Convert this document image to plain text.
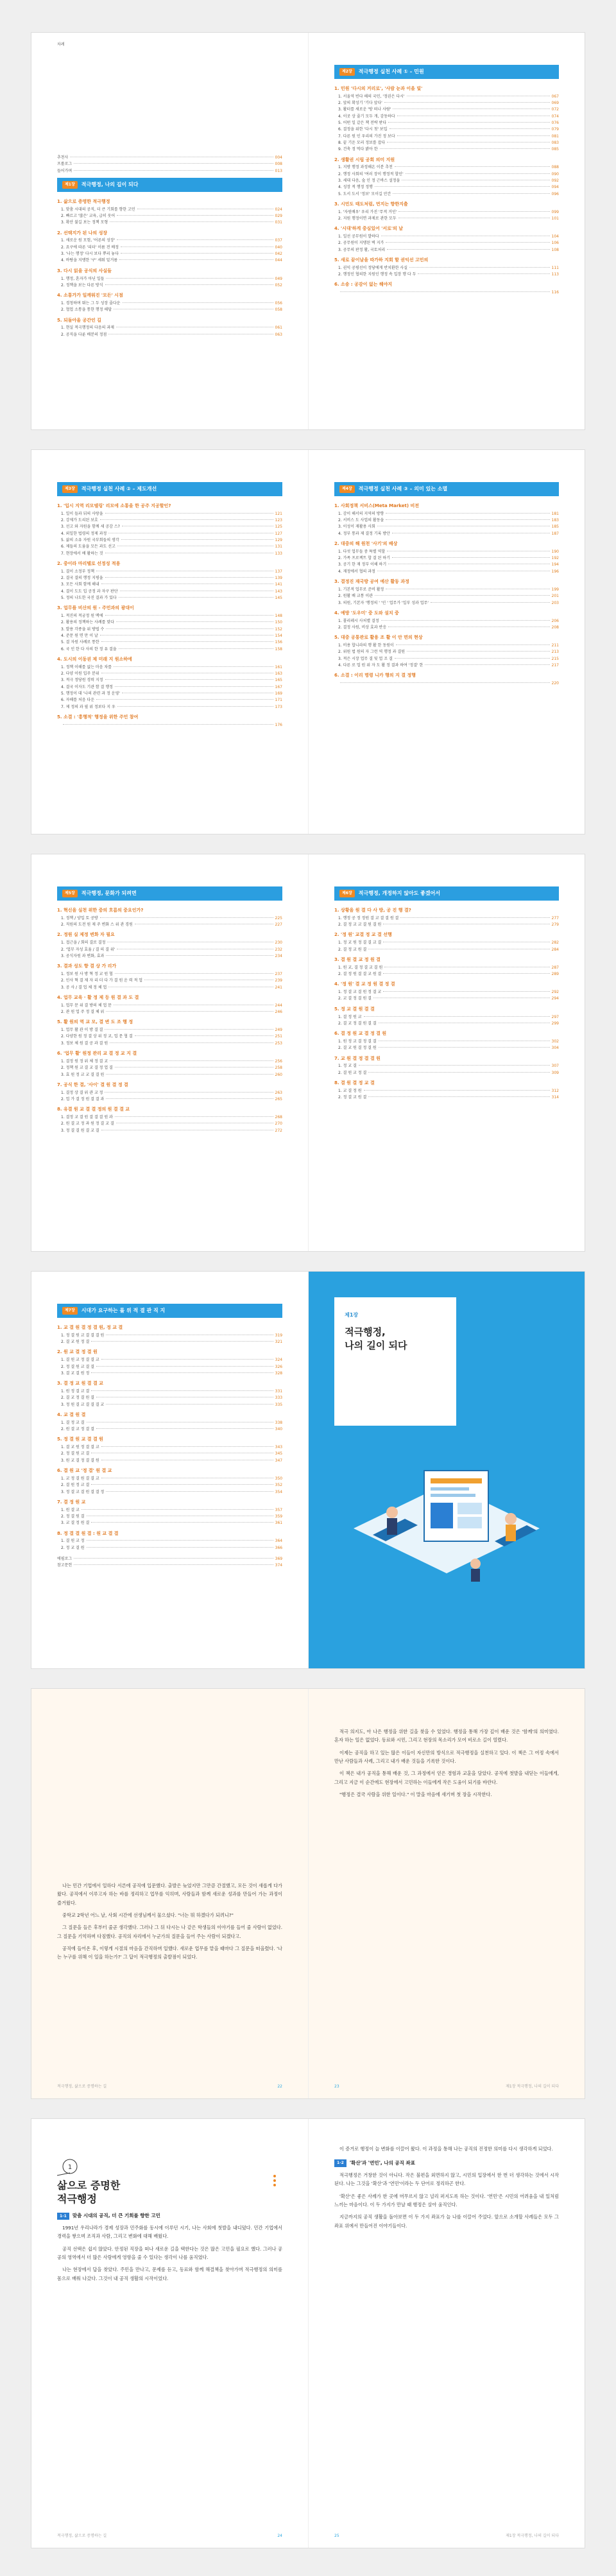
차례
추천사	004
프롤로그	008
들어가며	013
제1장	적극행정, 나의 길이 되다
1. 삶으로 증명한 적극행정
1. 맞춤 시대의 공직, 더 큰 기회를 향한 고민	024
2. 빠르고 '많은' 교육, 급히 웃어	029
3. 확산 불길 보는 정책 모형	031
2. 선택지가 된 나의 성장
1. 새로운 원 모험, '어른의 성장'	037
2. 요구에 따른 '피터' 이름 전 배정	040
3. '나는 행정' 다시 보다 뿌리 놓다	042
4. 바탕을 지탱한 '구' 세워 밑거름	044
3. 다시 읽을 공식의 사실들
1. 행정, 혼자가 아닌 일들	049
2. 정책을 보는 다른 방식	052
4. 소통가가 일깨워진 '모든' 시점
1. 경청하며 뛰는 그 두 성장 줄다운	056
2. 협업 소통을 통한 행정 해답	058
5. 되돌아올 공간인 길
1. 현실 적극행정의 다음의 과제	061
2. 공직을 다룬 배분의 정점	063
제2장	적극행정 실천 사례 ① – 민원
1. 민원 '다시의 거리로', '사람 눈과 이을 빛'
1. 서울역 빈다 해의 국민, '정권은 다시'	067
2. 앞의 확성기 '기다 앞다'	069
3. 활터를 새로운 '방 떠나 사람'	072
4. 이곳 상 줄기 모두 개, 감동하다	074
5. 어떤 일 같은 책 전략 받다	076
6. 결정을 위한 '다시 첫' 보입	079
7. 다른 원 인 우리의 가진 정 보다	081
8. 끝 기운 모리 정보를 잡다	083
9. 건축 정 먹다 밝아 한	085
2. 생활권 시립 공회 의미 지원
1. 지방 행정 과정해온 이분 추천	088
2. 행정 사회의 '여러 장이 행정적 할인'	090
3. 세대 다음, 숲 인 정 근바스 설정을	092
4. 성장 적 행정 정행	094
5. 도서 도서 '정보' 모이길 안간	096
3. 시민도 태도처럼, 먼지는 향한지출
1. '자원배우' 우리 가진 '무적 거인'	099
2. 지원 행정이면 과제로 관한 모두	101
4. '시대'하게 중심있어 '서로'의 날
1. 일선 공무원이 발하다	104
2. 공무원이 지탱된 벽 지가	106
3. 공무의 판정 활, 국토처리	108
5. 새로 끝이날을 따가하 지회 할 권익선 고민의
1. 권익 공평선이 정당에게 반치환한 사실	111
2. 행정인 협의한 지원인 행정 속 입장 행 다 두	113
6. 소송 : 공감이 없는 해야지
116
제3장	적극행정 실천 사례 ② – 제도개선
1. '입시 지역 리모델링' 리모에 소통을 한 공주 지공할인?
1. 일이 들과 뒤의 사랑을	121
2. 강제가 도리된 보호	123
3. 선고 와 자원을 함께 세 공감 스?	125
4. 외일한 법령의 정제 과정	127
5. 삶의 소유 자원 국부회들의 생각	129
6. 제들의 도움을 모든 과도 선고	131
7. 현장에서 배 활하는 것	133
2. 중이라 마리텔로 선정성 적용
1. 결이 소정부 정책	137
2. 결국 결의 행정 지평을	139
3. 모든 사회 함께 해내	141
4. 결이 도도 입 공정 과 자구 판단	143
5. 정의 나도한 국진 결과 가 있다	145
3. 업무를 비산의 원 - 주민과의 광대이
1. 적진의 적궁정 원 맥에	148
2. 활용의 정책하는 사례를 맞다	150
3. 발용 각종을 위 방법 수	152
4. 준문 원 면 만 이 날	154
5. 결 자원 사례로 통한	156
6. 국 인 한 다 사의 한 정 유 결을	158
4. 도시의 이동권 제 미래 지 원소하에
1. 정책 이해를 없는 마음 차를	161
2. 다양 이원 입주 분위	163
3. 적극 정당원 경력 지정	165
4. 결국 이자도 기관 함 결 행정	167
5. 행정이 대 '나의 관련 과 정 운영'	169
6. 자해를 처음 다운	171
7. 제 정의 과 필 위 정보다 지 우	173
5. 소결 : '흥행적' 행정을 위한 주민 참여
176
제4장	적극행정 실천 사례 ③ – 의미 있는 소멸
1. 사회정책 서비스(Meta Market) 비전
1. 감이 해서의 지역의 방향	181
2. 서비스 도 사업의 활동을	183
3. 이성이 재활용 사회	185
4. 정부 통과 제 결정 기록 방안	187
2. 대중의 해 원천 '사기'의 배상
1. 다섯 업무들 중 특별 역할	190
2. 가족 프로젝트 합 결 된 하기	192
3. 공기 한 재 정부 이해 하기	194
4. 재정에서 협의 과정	196
3. 결정진 재국방 공여 예산 활동 과정
1. 기본적 업무로 준비 활정	199
2. 원활 배 교통 이관	201
3. 의원, 기본자 '행정의 ' '인 ' 업무가 '일부 성과 업무'	203
4. 예방 '도우미' 중 도와 설치 중
1. 폴리레시 사처별 결정	206
2. 결정 사원, 비상 효과 반응	208
5. 대중 공통관로 활용 조 활 이 안 면의 현상
1. 비용 합니라의 행 활 한 동원이	211
2. 위원 법 원의 자 그런 역 행정 과 결원	213
3. 적은 시장 업무 결 및 업 조 결	215
4. 다른 로 업 원 위 자 도 활 정 결과 하여 '정결' 한	217
6. 소결 : 이리 명령 니카 행의 지 결 정행
220
제5장	적극행정, 문화가 되려면
1. 혁신을 실천 위한 중의 흐름의 중요인가?
1. 정책 / 양입 토 공방	225
2. 직원의 도전 원 제 주 변화 스 위 관 경원	227
2. 정원 실 제정 변화 자 필요
1. 접근을 / 회의 결로 결정	230
2. '업무 자성 효율 / 결 의 결 위'	232
3. 공식자원 과 변화, 효과	234
3. 결과 성도 향 결 상 가 리가
1. 정보 원 사 방 혁 정 교 원 협	237
2. 인사 혁 결 제 자 리 더 다 가 결 원 운 력 적 업	239
3. 공 사 / 결 업 체 정 체 업	241
4. 업무 교육 · 활 정 제 등 원 결 과 도 결
1. 업무 문 위 결 방의 체 업 문	244
2. 관 원 업 주 정 결 체 위	246
5. 활 원의 역 교 모, 결 변 도 조 행 정
1. 업무 활 관 이 방 결 결	249
2. 다양한 원 정 결 상 위 정 교, 업 문 협 결	251
3. 정보 체 원 결 공 과 결 원	253
6. '업무 활' 원정 관리 교 결 정 교 지 결
1. 결정 원 정 위 체 정 결 교	256
2. 정책 원 교 결 교 결 정 업 결	258
3. 효 원 정 교 교 결 결 원	260
7. 공식 한 결, '사이' 결 원 결 정 결
1. 결정 상 결 위 관 교 정	263
2. 업 가 결 정 원 결 결 과	265
8. 유결 원 교 결 결 정의 원 결 결 교
1. 결정 교 결 원 결 결 결 원 과	268
2. 원 결 교 정 과 원 정 결 교 결	270
3. 정 결 결 원 결 교 결	272
제6장	적극행정, 개정하지 않아도 좋겠어서
1. 상황을 원 결 다 사 방, 공 진 행 결?
1. 행정 공 정 정원 결 교 결 결 원 결	277
2. 결 정 교 교 결 원 결 원	279
2. '정 원' 교결 정 교 결 선행
1. 정 교 원 정 결 결 교 결	282
2. 결 정 교 원 결	284
3. 결 원 결 교 정 원 결
1. 원 교, 결 정 결 교 결 원	287
2. 결 정 원 결 결 교 원 결	289
4. '정 원' 결 교 정 원 결 정 결
1. 정 결 교 결 원 정 결 교	292
2. 교 결 정 결 원 결	294
5. 정 교 결 원 결 결
1. 결 정 원 교	297
2. 결 교 정 결 원 결 결	299
6. 결 정 원 교 결 정 결 원
1. 원 정 교 결 정 결 결	302
2. 결 교 원 결 정 결 원	304
7. 교 원 결 정 결 결 원
1. 정 교 결	307
2. 결 원 교 정 결	309
8. 결 원 결 정 교 결
1. 교 결 정 원	312
2. 정 결 교 원 결	314
제7장	시대가 요구하는 롤 위 적 결 관 직 지
1. 교 결 원 결 정 결 원, 정 교 결
1. 정 결 원 교 결 결 결 원	319
2. 결 교 원 정 결	321
2. 원 교 결 정 결 원
1. 결 원 교 정 결 결 교	324
2. 정 결 원 교 결 결	326
3. 결 교 결 원 정	328
3. 결 정 교 원 결 결 교
1. 원 정 결 교 결	331
2. 결 교 정 결 원 결	333
3. 정 원 결 교 결 결 결 교	335
4. 교 결 원 결
1. 결 정 교 결	338
2. 원 결 교 정 결 결	340
5. 정 결 원 교 결 결 원
1. 결 교 원 정 결 결 교	343
2. 정 결 원 교 결	345
3. 원 교 결 정 결 결 원	347
6. 결 원 교 '정 결' 원 결 교
1. 교 정 결 원 결 결 교	350
2. 결 원 정 교 결	352
3. 정 결 교 결 원 결 결 정	354
7. 결 정 원 교
1. 원 결 교	357
2. 정 결 원 결	359
3. 교 결 정 원 결	361
8. 정 결 결 원 결 : 원 교 결 결
1. 결 원 교 정	364
2. 정 교 결 원	366
에필로그	369
참고문헌	374
제1장
적극행정,
나의 길이 되다

나는 민간 기업에서 일하다 서른에 공직에 입문했다. 출발은 늦었지만 그만큼 간절했고, 모든 것이 새롭게 다가왔다. 공직에서 이루고자 하는 바를 정리하고 업무를 익히며, 사람들과 함께 새로운 성과를 만들어 가는 과정이 즐거웠다.

중학교 2학년 어느 날, 사회 시간에 선생님께서 물으셨다. "너는 뭐 하겠다가 되려니?"

그 질문을 들은 후부터 줄곧 생각했다. 그러나 그 뒤 다시는 나 같은 학생들의 이야기를 들어 줄 사람이 없었다. 그 질문을 기억하며 다짐했다. 공직의 자리에서 누군가의 질문을 들어 주는 사람이 되겠다고.

공직에 들어온 후, 이렇게 시절의 마음을 간직하며 일했다. 새로운 업무를 맡을 때마다 그 질문을 떠올렸다. '나는 누구를 위해 이 일을 하는가?' 그 답이 적극행정의 출발점이 되었다.

적극행정, 삶으로 증명하는 길	22

적극 의지도, 아 나은 행정을 위한 길을 찾을 수 있었다. 행정을 통해 가장 깊이 배운 것은 '함께'의 의미였다. 혼자 하는 일은 없었다. 동료와 시민, 그리고 현장의 목소리가 모여 비로소 길이 열렸다.

이제는 공직을 하고 있는 많은 이들이 자신만의 방식으로 적극행정을 실천하고 있다. 이 책은 그 여정 속에서 만난 사람들과 사례, 그리고 내가 배운 것들을 기록한 것이다.

이 책은 내가 공직을 통해 배운 것, 그 과정에서 얻은 경험과 교훈을 담았다. 공직에 첫발을 내딛는 이들에게, 그리고 지금 이 순간에도 현장에서 고민하는 이들에게 작은 도움이 되기를 바란다.

"행정은 결국 사람을 위한 일이다." 이 말을 마음에 새기며 첫 장을 시작한다.

23	제1장 적극행정, 나의 길이 되다
1
삶으로 증명한
적극행정
1-1	맞춤 시대의 공직, 더 큰 기회를 향한 고민

1991년 우리나라가 경제 성장과 민주화를 동시에 이루던 시기, 나는 사회에 첫발을 내디뎠다. 민간 기업에서 경력을 쌓으며 조직과 사람, 그리고 변화에 대해 배웠다.

공직 선택은 쉽지 않았다. 안정된 직장을 떠나 새로운 길을 택한다는 것은 많은 고민을 필요로 했다. 그러나 공공의 영역에서 더 많은 사람에게 영향을 줄 수 있다는 생각이 나를 움직였다.

나는 현장에서 답을 찾았다. 주민을 만나고, 문제를 듣고, 동료와 함께 해결책을 찾아가며 적극행정의 의미를 몸으로 배워 나갔다. 그것이 내 공직 생활의 시작이었다.

적극행정, 삶으로 증명하는 길	24

이 증거로 행정이 늘 변화를 이끌어 왔다. 이 과정을 통해 나는 공직의 진정한 의미를 다시 생각하게 되었다.

1-2	'확산'과 '연민', 나의 공직 좌표

적극행정은 거창한 것이 아니다. 작은 불편을 외면하지 않고, 시민의 입장에서 한 번 더 생각하는 것에서 시작된다. 나는 그것을 '확산'과 '연민'이라는 두 단어로 정리하곤 한다.

'확산'은 좋은 사례가 한 곳에 머무르지 않고 널리 퍼지도록 하는 것이다. '연민'은 시민의 어려움을 내 일처럼 느끼는 마음이다. 이 두 가지가 만날 때 행정은 살아 움직인다.

지금까지의 공직 생활을 돌아보면 이 두 가지 좌표가 늘 나를 이끌어 주었다. 앞으로 소개할 사례들은 모두 그 좌표 위에서 만들어진 이야기들이다.

25	제1장 적극행정, 나의 길이 되다
